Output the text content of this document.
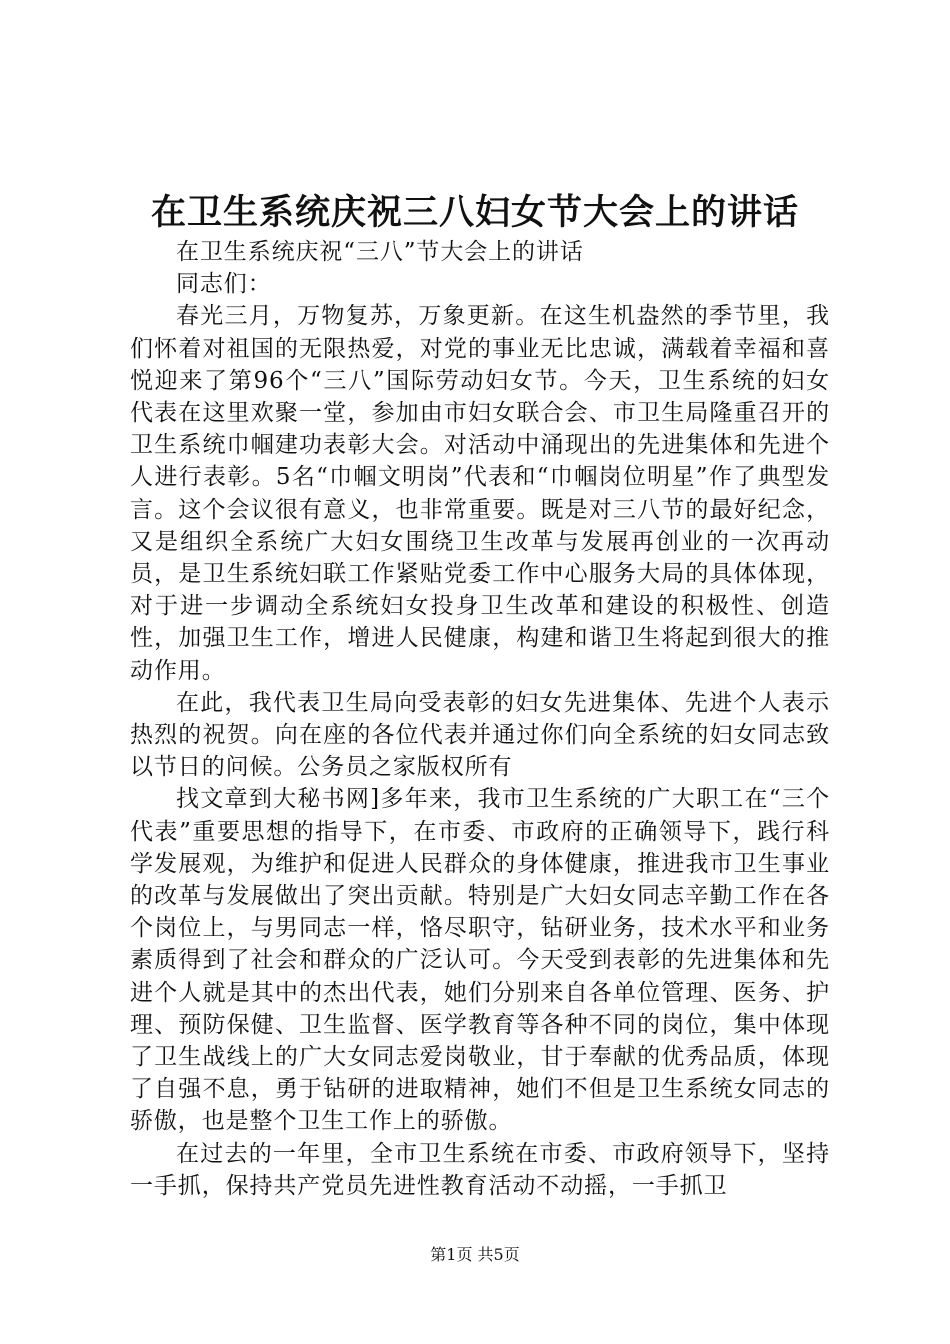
在卫生系统庆祝三八妇女节大会上的讲话

在卫生系统庆祝“三八”节大会上的讲话

同志们：

春光三月，万物复苏，万象更新。在这生机盎然的季节里，我们怀着对祖国的无限热爱，对党的事业无比忠诚，满载着幸福和喜悦迎来了第96个“三八”国际劳动妇女节。今天，卫生系统的妇女代表在这里欢聚一堂，参加由市妇女联合会、市卫生局隆重召开的卫生系统巾帼建功表彰大会。对活动中涌现出的先进集体和先进个人进行表彰。5名“巾帼文明岗”代表和“巾帼岗位明星”作了典型发言。这个会议很有意义，也非常重要。既是对三八节的最好纪念，又是组织全系统广大妇女围绕卫生改革与发展再创业的一次再动员，是卫生系统妇联工作紧贴党委工作中心服务大局的具体体现，对于进一步调动全系统妇女投身卫生改革和建设的积极性、创造性，加强卫生工作，增进人民健康，构建和谐卫生将起到很大的推动作用。

在此，我代表卫生局向受表彰的妇女先进集体、先进个人表示热烈的祝贺。向在座的各位代表并通过你们向全系统的妇女同志致以节日的问候。公务员之家版权所有

找文章到大秘书网]多年来，我市卫生系统的广大职工在“三个代表”重要思想的指导下，在市委、市政府的正确领导下，践行科学发展观，为维护和促进人民群众的身体健康，推进我市卫生事业的改革与发展做出了突出贡献。特别是广大妇女同志辛勤工作在各个岗位上，与男同志一样，恪尽职守，钻研业务，技术水平和业务素质得到了社会和群众的广泛认可。今天受到表彰的先进集体和先进个人就是其中的杰出代表，她们分别来自各单位管理、医务、护理、预防保健、卫生监督、医学教育等各种不同的岗位，集中体现了卫生战线上的广大女同志爱岗敬业，甘于奉献的优秀品质，体现了自强不息，勇于钻研的进取精神，她们不但是卫生系统女同志的骄傲，也是整个卫生工作上的骄傲。

在过去的一年里，全市卫生系统在市委、市政府领导下，坚持一手抓，保持共产党员先进性教育活动不动摇，一手抓卫

第1页 共5页
